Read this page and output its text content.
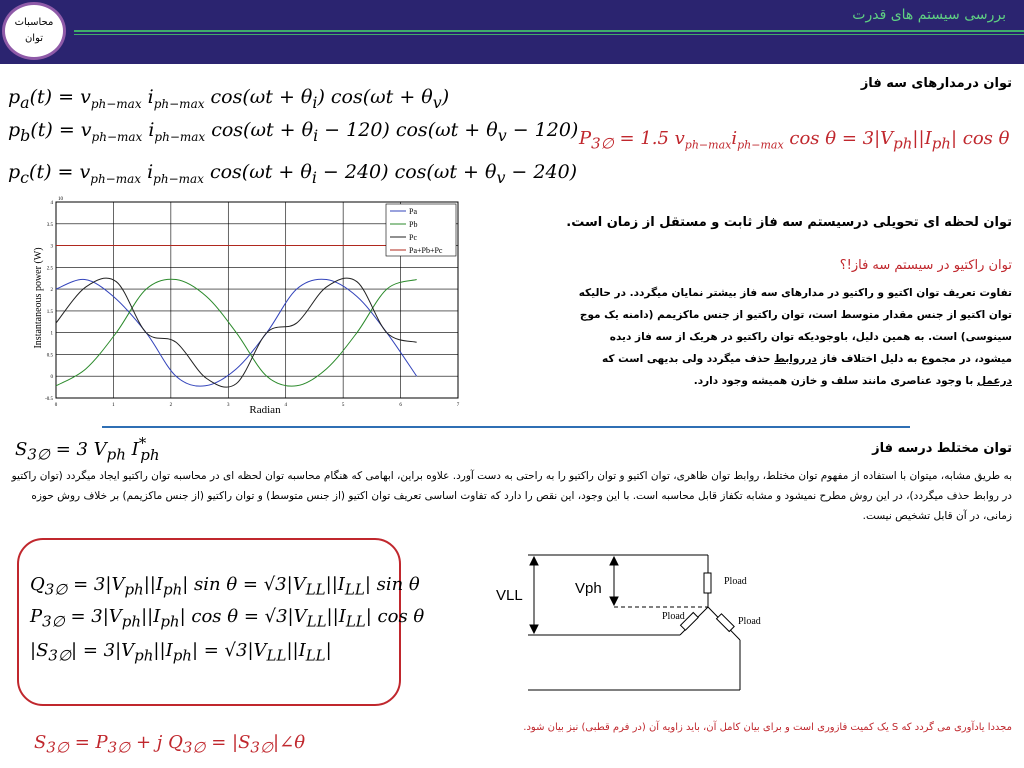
بررسی سیستم های قدرت
محاسبات
توان
توان درمدارهای سه فاز
$p_a(t) = v_{ph-max}$ $i_{ph-max}$ $\cos(\omega t + \theta_i)$ $\cos(\omega t + \theta_v)$
$p_b(t) = v_{ph-max}$ $i_{ph-max}$ $\cos(\omega t + \theta_i - 120)$ $\cos(\omega t + \theta_v - 120)$
$p_c(t) = v_{ph-max}$ $i_{ph-max}$ $\cos(\omega t + \theta_i - 240)$ $\cos(\omega t + \theta_v - 240)$
$P_{3\emptyset} = 1.5$ $v_{ph-max}i_{ph-max}$ $\cos \theta = 3|V_{ph}||I_{ph}|$ cos θ
توان لحظه ای تحویلی درسیستم سه فاز ثابت و مستقل از زمان است.
توان راکتیو در سیستم سه فاز!؟
تفاوت تعریف توان اکتیو و راکتیو در مدارهای سه فاز بیشتر نمایان میگردد. در حالیکه توان اکتیو از جنس مقدار متوسط است، توان راکتیو از جنس ماکزیمم (دامنه یک موج سینوسی) است. به همین دلیل، باوجودیکه توان راکتیو در هریک از سه فاز دیده میشود، در مجموع به دلیل اختلاف فاز درروابط حذف میگردد ولی بدیهی است که درعمل با وجود عناصری مانند سلف و خازن همیشه وجود دارد.
0	1	2	3	4	5	6	7
-0.5
0
0.5
1
1.5
2
2.5
3
3.5
4
10
Radian
Instantaneous power (W)
Pa
Pb
Pc
Pa+Pb+Pc
توان مختلط درسه فاز
$S_{3\emptyset} = 3$ $V_{ph}$ $I^*_{ph}$
به طریق مشابه، میتوان با استفاده از مفهوم توان مختلط، روابط توان ظاهری، توان اکتیو و توان راکتیو را به راحتی به دست آورد. علاوه براین، ابهامی که هنگام محاسبه توان لحظه ای در محاسبه توان راکتیو ایجاد میگردد (توان راکتیو در روابط حذف میگردد)، در این روش مطرح نمیشود و مشابه تکفاز قابل محاسبه است. با این وجود، این نقص را دارد که تفاوت اساسی تعریف توان اکتیو (از جنس متوسط) و توان راکتیو (از جنس ماکزیمم) بر خلاف روش حوزه زمانی، در آن قابل تشخیص نیست.
$Q_{3\emptyset} = 3|V_{ph}||I_{ph}|$ $\sin \theta = √3|V_{LL}||I_{LL}|$ sin θ
$P_{3\emptyset} = 3|V_{ph}||I_{ph}|$ $\cos \theta = √3|V_{LL}||I_{LL}|$ cos θ
$|S_{3\emptyset}| = 3|V_{ph}||I_{ph}| = √3|V_{LL}||I_{LL}|$
$S_{3\emptyset} = P_{3\emptyset} + j$ $Q_{3\emptyset}$ = $|S_{3\emptyset}|\angle\theta$
مجددا یادآوری می گردد که S یک کمیت فازوری است و برای بیان کامل آن، باید زاویه آن (در فرم قطبی) نیز بیان شود.
VLL	Vph	Pload
Pload	Pload
